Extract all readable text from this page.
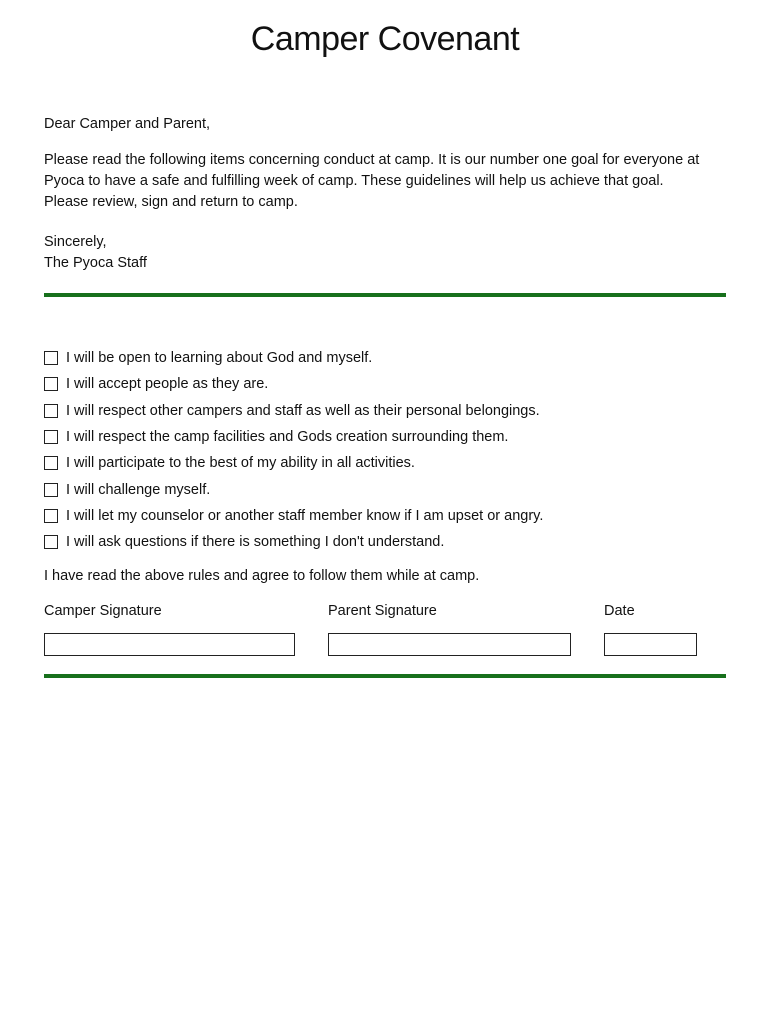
Camper Covenant
Dear Camper and Parent,
Please read the following items concerning conduct at camp. It is our number one goal for everyone at Pyoca to have a safe and fulfilling week of camp. These guidelines will help us achieve that goal. Please review, sign and return to camp.
Sincerely,
The Pyoca Staff
I will be open to learning about God and myself.
I will accept people as they are.
I will respect other campers and staff as well as their personal belongings.
I will respect the camp facilities and Gods creation surrounding them.
I will participate to the best of my ability in all activities.
I will challenge myself.
I will let my counselor or another staff member know if I am upset or angry.
I will ask questions if there is something I don't understand.
I have read the above rules and agree to follow them while at camp.
Camper Signature	Parent Signature	Date
